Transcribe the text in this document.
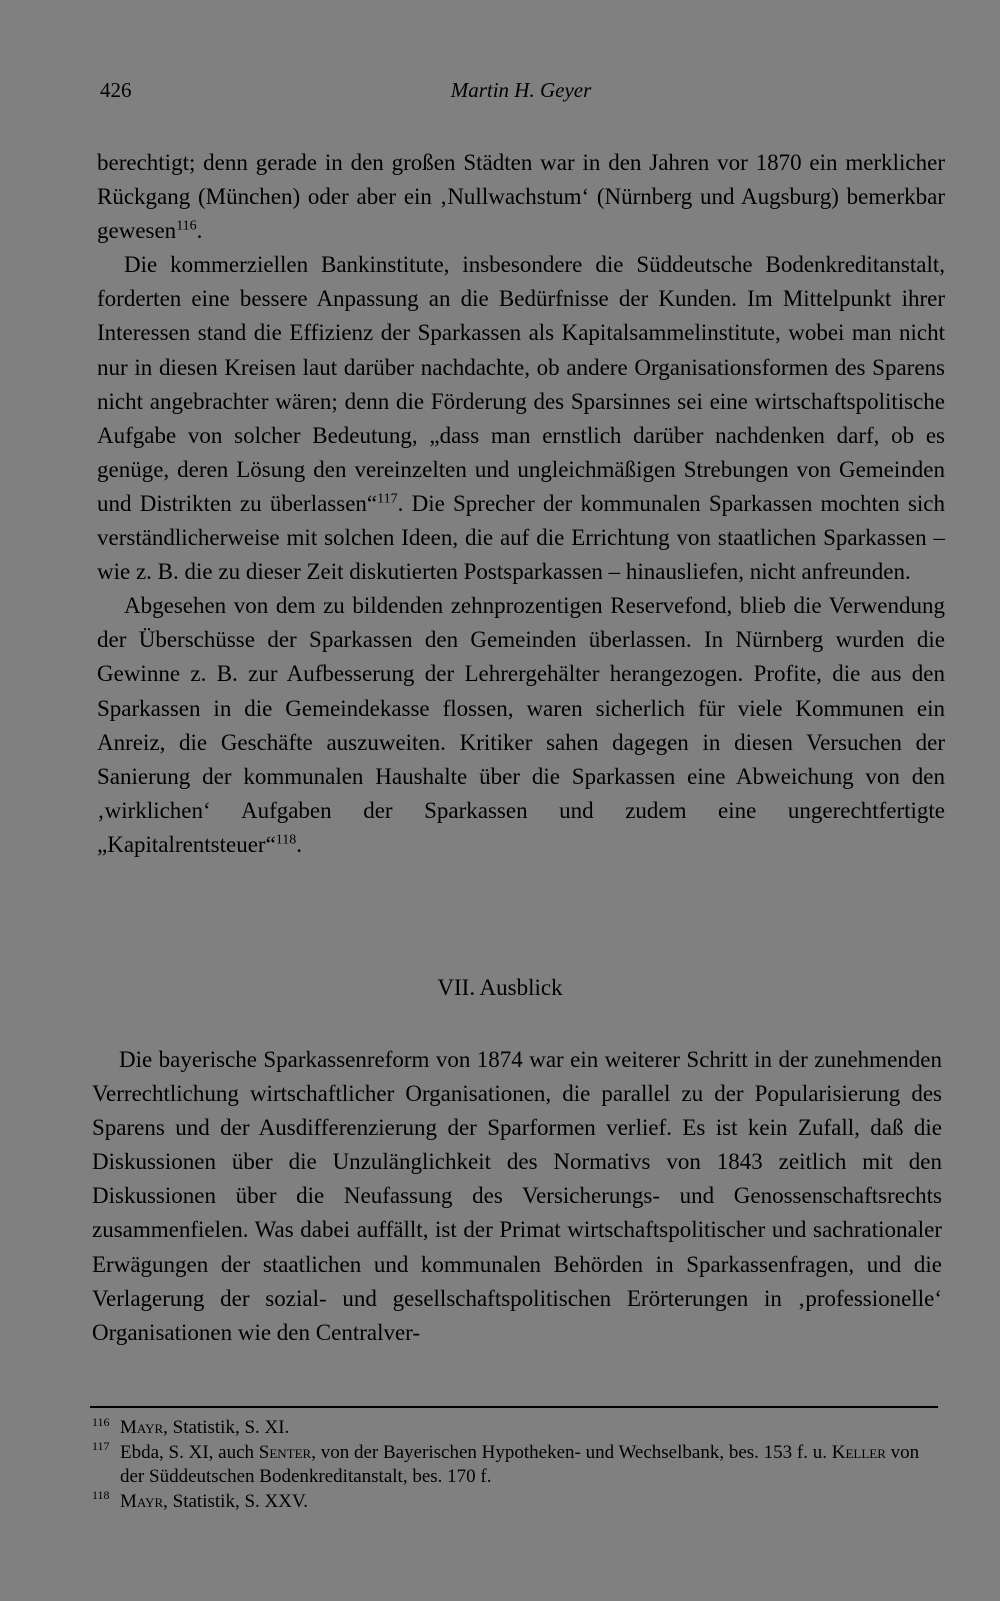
426	Martin H. Geyer

berechtigt; denn gerade in den großen Städten war in den Jahren vor 1870 ein merklicher Rückgang (München) oder aber ein ‚Nullwachstum‘ (Nürnberg und Augsburg) bemerkbar gewesen$^{116}$.

Die kommerziellen Bankinstitute, insbesondere die Süddeutsche Bodenkreditanstalt, forderten eine bessere Anpassung an die Bedürfnisse der Kunden. Im Mittelpunkt ihrer Interessen stand die Effizienz der Sparkassen als Kapitalsammelinstitute, wobei man nicht nur in diesen Kreisen laut darüber nachdachte, ob andere Organisationsformen des Sparens nicht angebrachter wären; denn die Förderung des Sparsinnes sei eine wirtschaftspolitische Aufgabe von solcher Bedeutung, „dass man ernstlich darüber nachdenken darf, ob es genüge, deren Lösung den vereinzelten und ungleichmäßigen Strebungen von Gemeinden und Distrikten zu überlassen“$^{117}$. Die Sprecher der kommunalen Sparkassen mochten sich verständlicherweise mit solchen Ideen, die auf die Errichtung von staatlichen Sparkassen – wie z. B. die zu dieser Zeit diskutierten Postsparkassen – hinausliefen, nicht anfreunden.

Abgesehen von dem zu bildenden zehnprozentigen Reservefond, blieb die Verwendung der Überschüsse der Sparkassen den Gemeinden überlassen. In Nürnberg wurden die Gewinne z. B. zur Aufbesserung der Lehrergehälter herangezogen. Profite, die aus den Sparkassen in die Gemeindekasse flossen, waren sicherlich für viele Kommunen ein Anreiz, die Geschäfte auszuweiten. Kritiker sahen dagegen in diesen Versuchen der Sanierung der kommunalen Haushalte über die Sparkassen eine Abweichung von den ‚wirklichen‘ Aufgaben der Sparkassen und zudem eine ungerechtfertigte „Kapitalrentsteuer“$^{118}$.

VII. Ausblick

Die bayerische Sparkassenreform von 1874 war ein weiterer Schritt in der zunehmenden Verrechtlichung wirtschaftlicher Organisationen, die parallel zu der Popularisierung des Sparens und der Ausdifferenzierung der Sparformen verlief. Es ist kein Zufall, daß die Diskussionen über die Unzulänglichkeit des Normativs von 1843 zeitlich mit den Diskussionen über die Neufassung des Versicherungs- und Genossenschaftsrechts zusammenfielen. Was dabei auffällt, ist der Primat wirtschaftspolitischer und sachrationaler Erwägungen der staatlichen und kommunalen Behörden in Sparkassenfragen, und die Verlagerung der sozial- und gesellschaftspolitischen Erörterungen in ‚professionelle‘ Organisationen wie den Centralver-

116 Mayr, Statistik, S. XI.
117 Ebda, S. XI, auch Senter, von der Bayerischen Hypotheken- und Wechselbank, bes. 153 f. u. Keller von der Süddeutschen Bodenkreditanstalt, bes. 170 f.
118 Mayr, Statistik, S. XXV.
